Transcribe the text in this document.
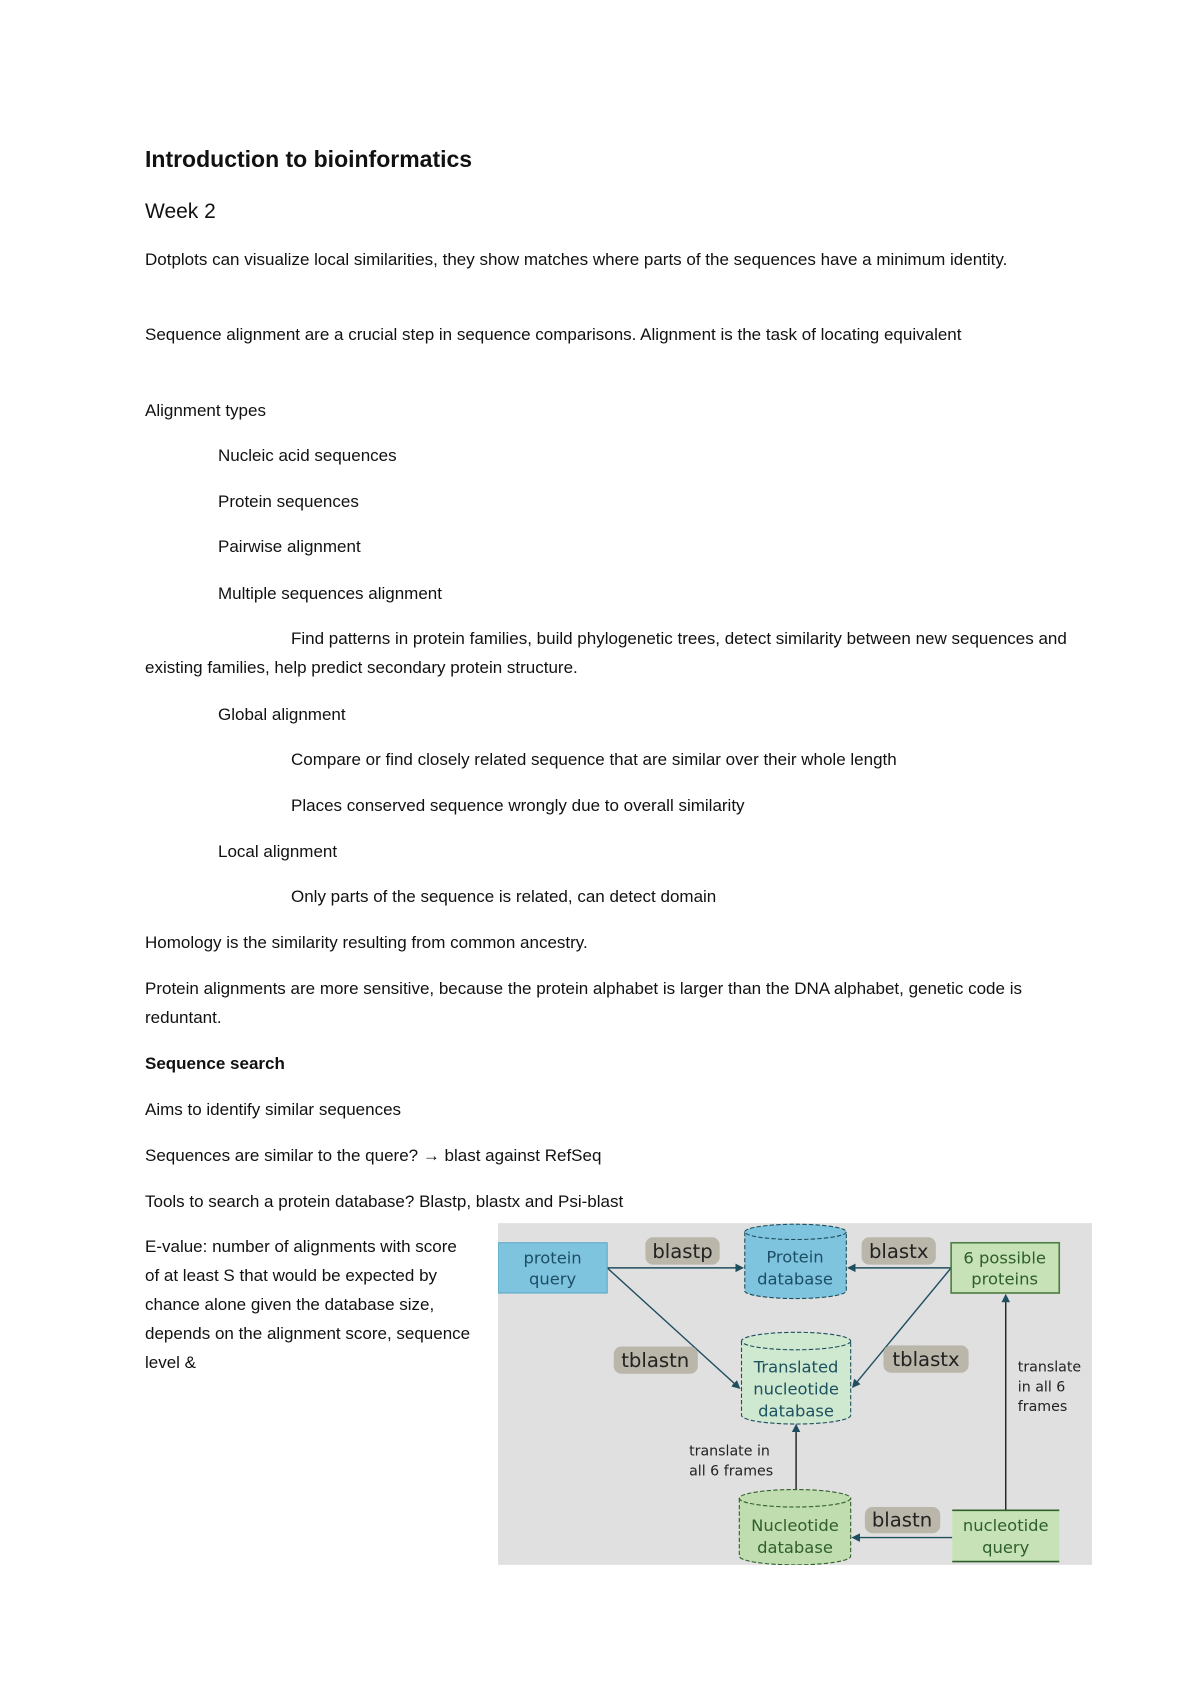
Introduction to bioinformatics
Week 2

Dotplots can visualize local similarities, they show matches where parts of the sequences have a minimum identity.

Sequence alignment are a crucial step in sequence comparisons. Alignment is the task of locating equivalent

Alignment types

Nucleic acid sequences

Protein sequences

Pairwise alignment

Multiple sequences alignment

Find patterns in protein families, build phylogenetic trees, detect similarity between new sequences and existing families, help predict secondary protein structure.

Global alignment

Compare or find closely related sequence that are similar over their whole length

Places conserved sequence wrongly due to overall similarity

Local alignment

Only parts of the sequence is related, can detect domain

Homology is the similarity resulting from common ancestry.

Protein alignments are more sensitive, because the protein alphabet is larger than the DNA alphabet, genetic code is reduntant.

Sequence search

Aims to identify similar sequences

Sequences are similar to the quere? → blast against RefSeq

Tools to search a protein database? Blastp, blastx and Psi-blast

E-value: number of alignments with score of at least S that would be expected by chance alone given the database size, depends on the alignment score, sequence level &

protein
query
6 possible
proteins
nucleotide
query
Protein
database
Translated
nucleotide
database
Nucleotide
database
blastp	blastx
tblastn	tblastx
blastn
translate
in all 6
frames
translate in
all 6 frames
